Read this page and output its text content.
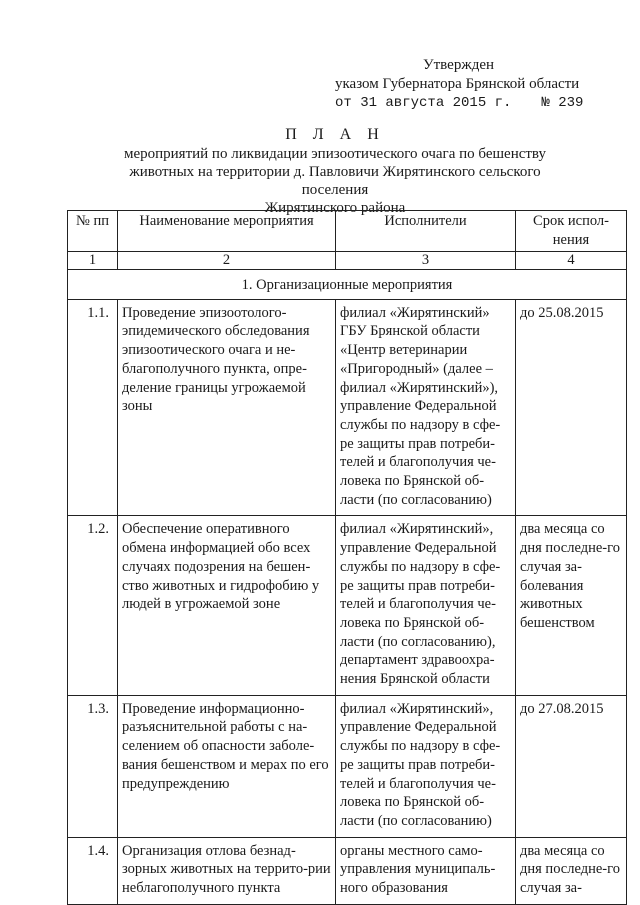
Утвержден
указом Губернатора Брянской области
от 31 августа 2015 г. № 239
П Л А Н
мероприятий по ликвидации эпизоотического очага по бешенству
животных на территории д. Павловичи Жирятинского сельского поселения
Жирятинского района
№ пп	Наименование мероприятия	Исполнители	Срок испол-нения
1	2	3	4
1. Организационные мероприятия			
1.1.	Проведение эпизоотолого-эпидемического обследования эпизоотического очага и не-благополучного пункта, опре-деление границы угрожаемой зоны	филиал «Жирятинский» ГБУ Брянской области «Центр ветеринарии «Пригородный» (далее – филиал «Жирятинский»), управление Федеральной службы по надзору в сфе-ре защиты прав потреби-телей и благополучия че-ловека по Брянской об-ласти (по согласованию)	до 25.08.2015
1.2.	Обеспечение оперативного обмена информацией обо всех случаях подозрения на бешен-ство животных и гидрофобию у людей в угрожаемой зоне	филиал «Жирятинский», управление Федеральной службы по надзору в сфе-ре защиты прав потреби-телей и благополучия че-ловека по Брянской об-ласти (по согласованию), департамент здравоохра-нения Брянской области	два месяца со дня последне-го случая за-болевания животных бешенством
1.3.	Проведение информационно-разъяснительной работы с на-селением об опасности заболе-вания бешенством и мерах по его предупреждению	филиал «Жирятинский», управление Федеральной службы по надзору в сфе-ре защиты прав потреби-телей и благополучия че-ловека по Брянской об-ласти (по согласованию)	до 27.08.2015
1.4.	Организация отлова безнад-зорных животных на террито-рии неблагополучного пункта	органы местного само-управления муниципаль-ного образования	два месяца со дня последне-го случая за-
